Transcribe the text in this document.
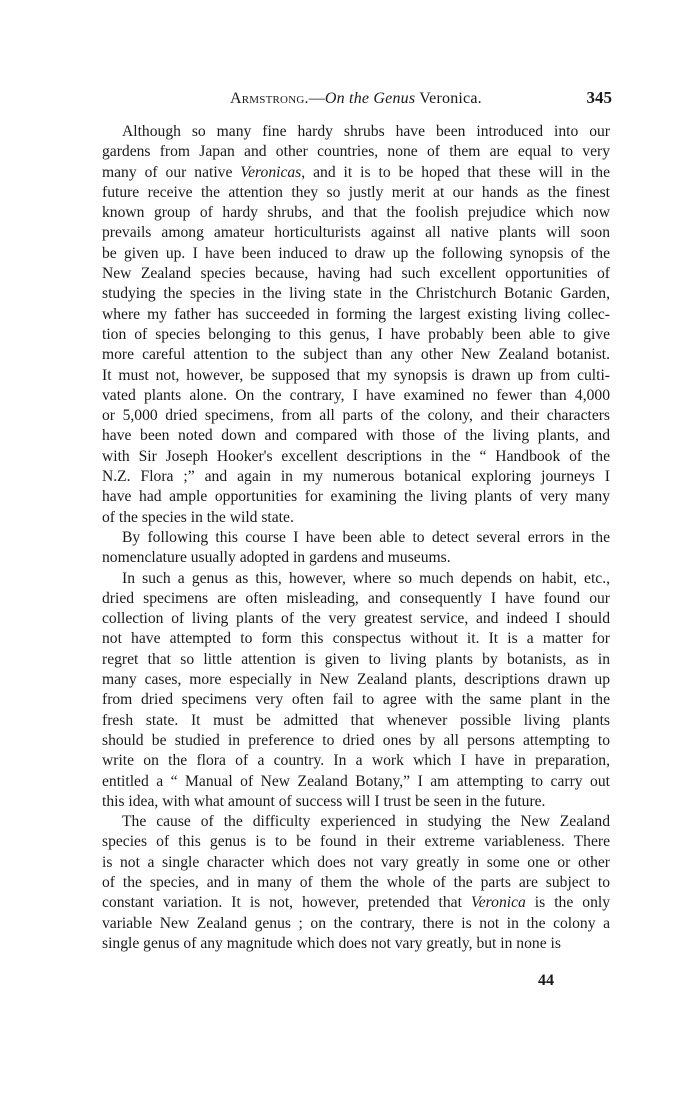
Armstrong.—On the Genus Veronica.	345
Although so many fine hardy shrubs have been introduced into our
gardens from Japan and other countries, none of them are equal to very
many of our native Veronicas, and it is to be hoped that these will in the
future receive the attention they so justly merit at our hands as the finest
known group of hardy shrubs, and that the foolish prejudice which now
prevails among amateur horticulturists against all native plants will soon
be given up. I have been induced to draw up the following synopsis of the
New Zealand species because, having had such excellent opportunities of
studying the species in the living state in the Christchurch Botanic Garden,
where my father has succeeded in forming the largest existing living collec-
tion of species belonging to this genus, I have probably been able to give
more careful attention to the subject than any other New Zealand botanist.
It must not, however, be supposed that my synopsis is drawn up from culti-
vated plants alone. On the contrary, I have examined no fewer than 4,000
or 5,000 dried specimens, from all parts of the colony, and their characters
have been noted down and compared with those of the living plants, and
with Sir Joseph Hooker's excellent descriptions in the “ Handbook of the
N.Z. Flora ;” and again in my numerous botanical exploring journeys I
have had ample opportunities for examining the living plants of very many
of the species in the wild state.
By following this course I have been able to detect several errors in the
nomenclature usually adopted in gardens and museums.
In such a genus as this, however, where so much depends on habit, etc.,
dried specimens are often misleading, and consequently I have found our
collection of living plants of the very greatest service, and indeed I should
not have attempted to form this conspectus without it. It is a matter for
regret that so little attention is given to living plants by botanists, as in
many cases, more especially in New Zealand plants, descriptions drawn up
from dried specimens very often fail to agree with the same plant in the
fresh state. It must be admitted that whenever possible living plants
should be studied in preference to dried ones by all persons attempting to
write on the flora of a country. In a work which I have in preparation,
entitled a “ Manual of New Zealand Botany,” I am attempting to carry out
this idea, with what amount of success will I trust be seen in the future.
The cause of the difficulty experienced in studying the New Zealand
species of this genus is to be found in their extreme variableness. There
is not a single character which does not vary greatly in some one or other
of the species, and in many of them the whole of the parts are subject to
constant variation. It is not, however, pretended that Veronica is the only
variable New Zealand genus ; on the contrary, there is not in the colony a
single genus of any magnitude which does not vary greatly, but in none is
44
